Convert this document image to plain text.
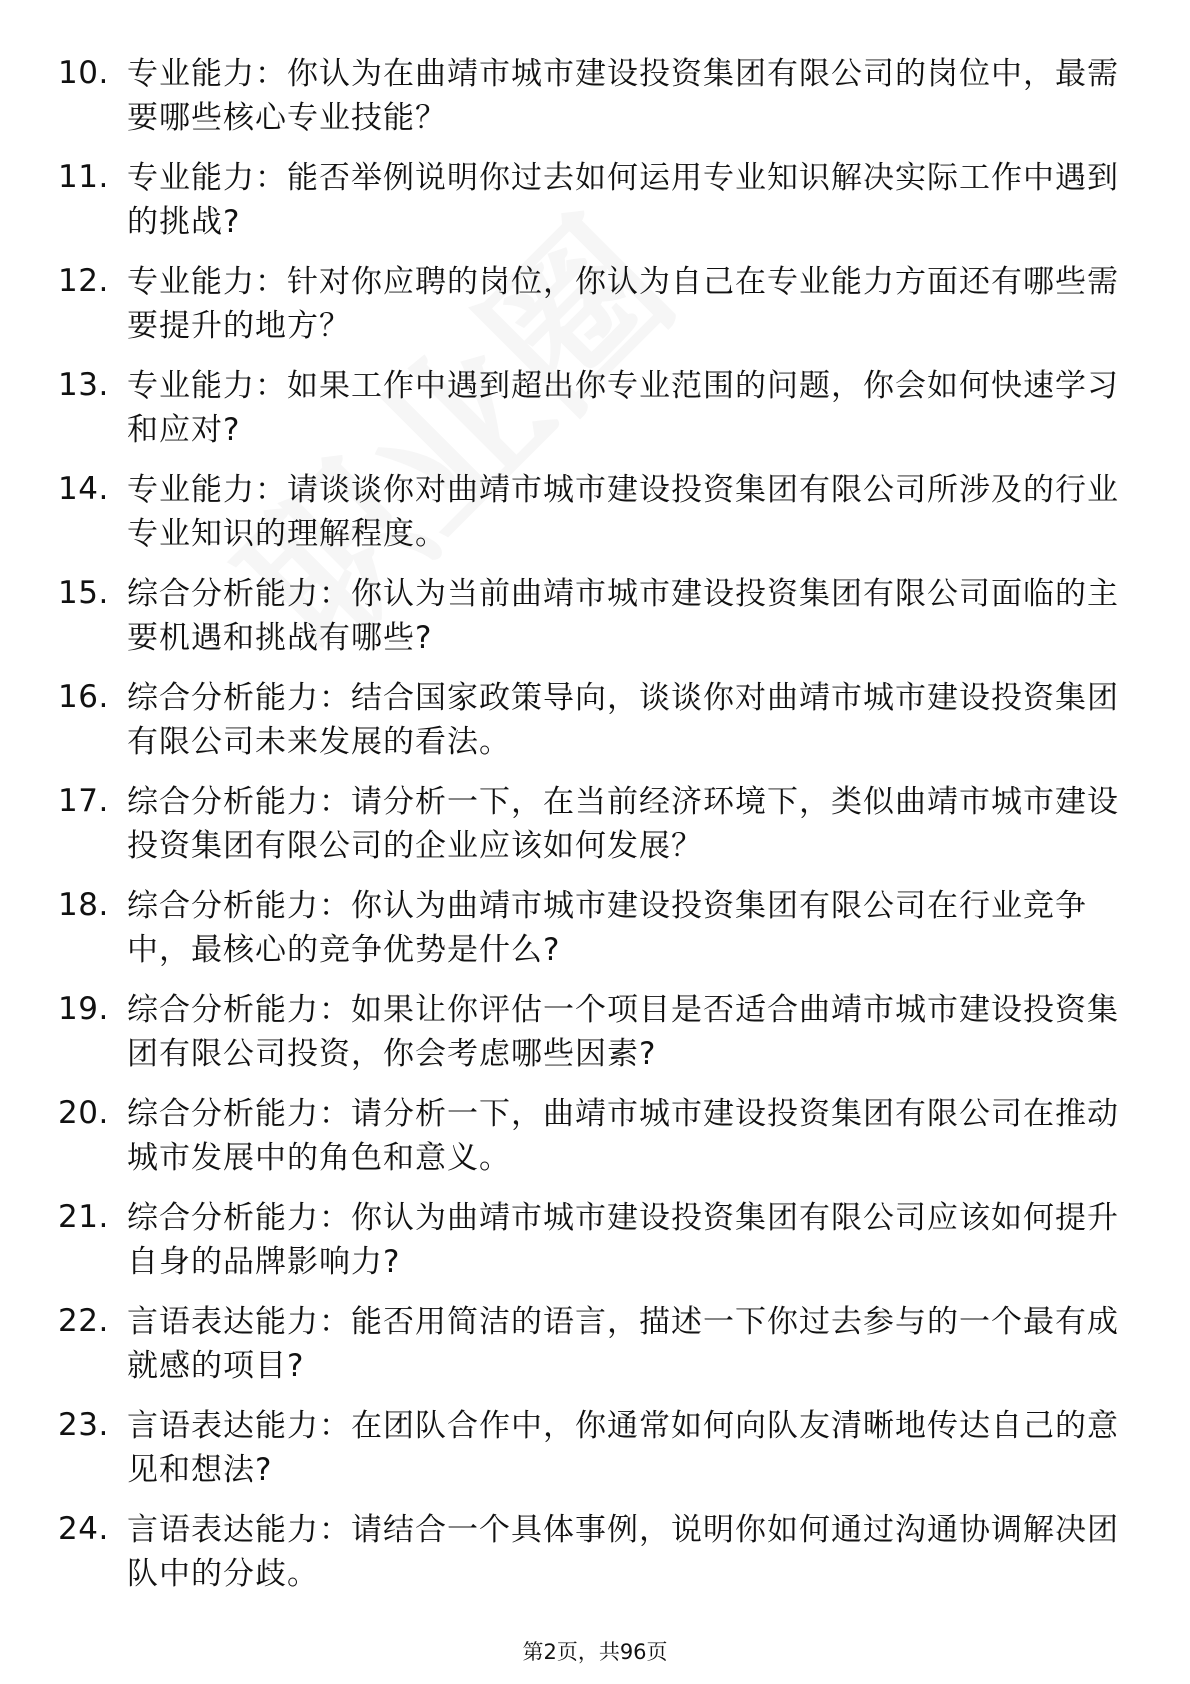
10. 专业能力：你认为在曲靖市城市建设投资集团有限公司的岗位中，最需要哪些核心专业技能？
11. 专业能力：能否举例说明你过去如何运用专业知识解决实际工作中遇到的挑战?
12. 专业能力：针对你应聘的岗位，你认为自己在专业能力方面还有哪些需要提升的地方？
13. 专业能力：如果工作中遇到超出你专业范围的问题，你会如何快速学习和应对?
14. 专业能力：请谈谈你对曲靖市城市建设投资集团有限公司所涉及的行业专业知识的理解程度。
15. 综合分析能力：你认为当前曲靖市城市建设投资集团有限公司面临的主要机遇和挑战有哪些?
16. 综合分析能力：结合国家政策导向，谈谈你对曲靖市城市建设投资集团有限公司未来发展的看法。
17. 综合分析能力：请分析一下，在当前经济环境下，类似曲靖市城市建设投资集团有限公司的企业应该如何发展？
18. 综合分析能力：你认为曲靖市城市建设投资集团有限公司在行业竞争中，最核心的竞争优势是什么?
19. 综合分析能力：如果让你评估一个项目是否适合曲靖市城市建设投资集团有限公司投资，你会考虑哪些因素?
20. 综合分析能力：请分析一下，曲靖市城市建设投资集团有限公司在推动城市发展中的角色和意义。
21. 综合分析能力：你认为曲靖市城市建设投资集团有限公司应该如何提升自身的品牌影响力?
22. 言语表达能力：能否用简洁的语言，描述一下你过去参与的一个最有成就感的项目?
23. 言语表达能力：在团队合作中，你通常如何向队友清晰地传达自己的意见和想法?
24. 言语表达能力：请结合一个具体事例，说明你如何通过沟通协调解决团队中的分歧。
第2页，共96页
